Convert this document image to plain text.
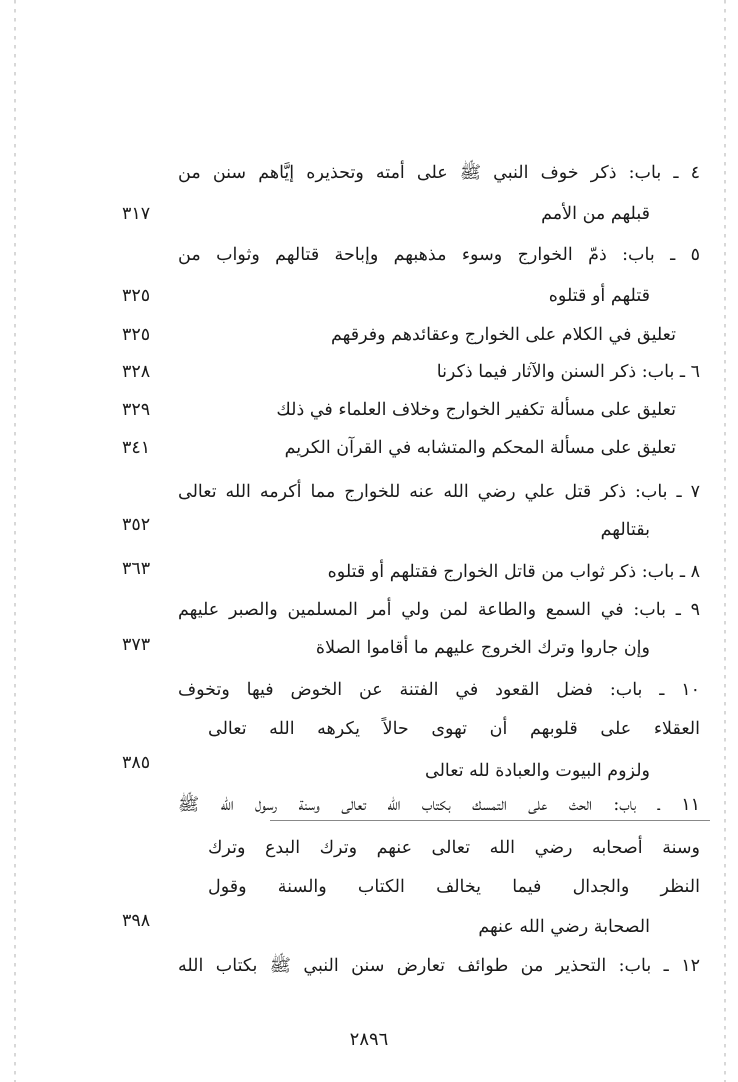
٤ ـ باب: ذكر خوف النبي ﷺ على أمته وتحذيره إيَّاهم سنن من
قبلهم من الأمم
٣١٧
٥ ـ باب: ذمّ الخوارج وسوء مذهبهم وإباحة قتالهم وثواب من
قتلهم أو قتلوه
٣٢٥
تعليق في الكلام على الخوارج وعقائدهم وفرقهم
٣٢٥
٦ ـ باب: ذكر السنن والآثار فيما ذكرنا
٣٢٨
تعليق على مسألة تكفير الخوارج وخلاف العلماء في ذلك
٣٢٩
تعليق على مسألة المحكم والمتشابه في القرآن الكريم
٣٤١
٧ ـ باب: ذكر قتل علي رضي الله عنه للخوارج مما أكرمه الله تعالى
بقتالهم
٣٥٢
٨ ـ باب: ذكر ثواب من قاتل الخوارج فقتلهم أو قتلوه
٣٦٣
٩ ـ باب: في السمع والطاعة لمن ولي أمر المسلمين والصبر عليهم
وإن جاروا وترك الخروج عليهم ما أقاموا الصلاة
٣٧٣
١٠ ـ باب: فضل القعود في الفتنة عن الخوض فيها وتخوف
العقلاء على قلوبهم أن تهوى حالاً يكرهه الله تعالى
ولزوم البيوت والعبادة لله تعالى
٣٨٥
١١ ـ باب: الحث على التمسك بكتاب الله تعالى وسنة رسول الله ﷺ
وسنة أصحابه رضي الله تعالى عنهم وترك البدع وترك
النظر والجدال فيما يخالف الكتاب والسنة وقول
الصحابة رضي الله عنهم
٣٩٨
١٢ ـ باب: التحذير من طوائف تعارض سنن النبي ﷺ بكتاب الله
٢٨٩٦
